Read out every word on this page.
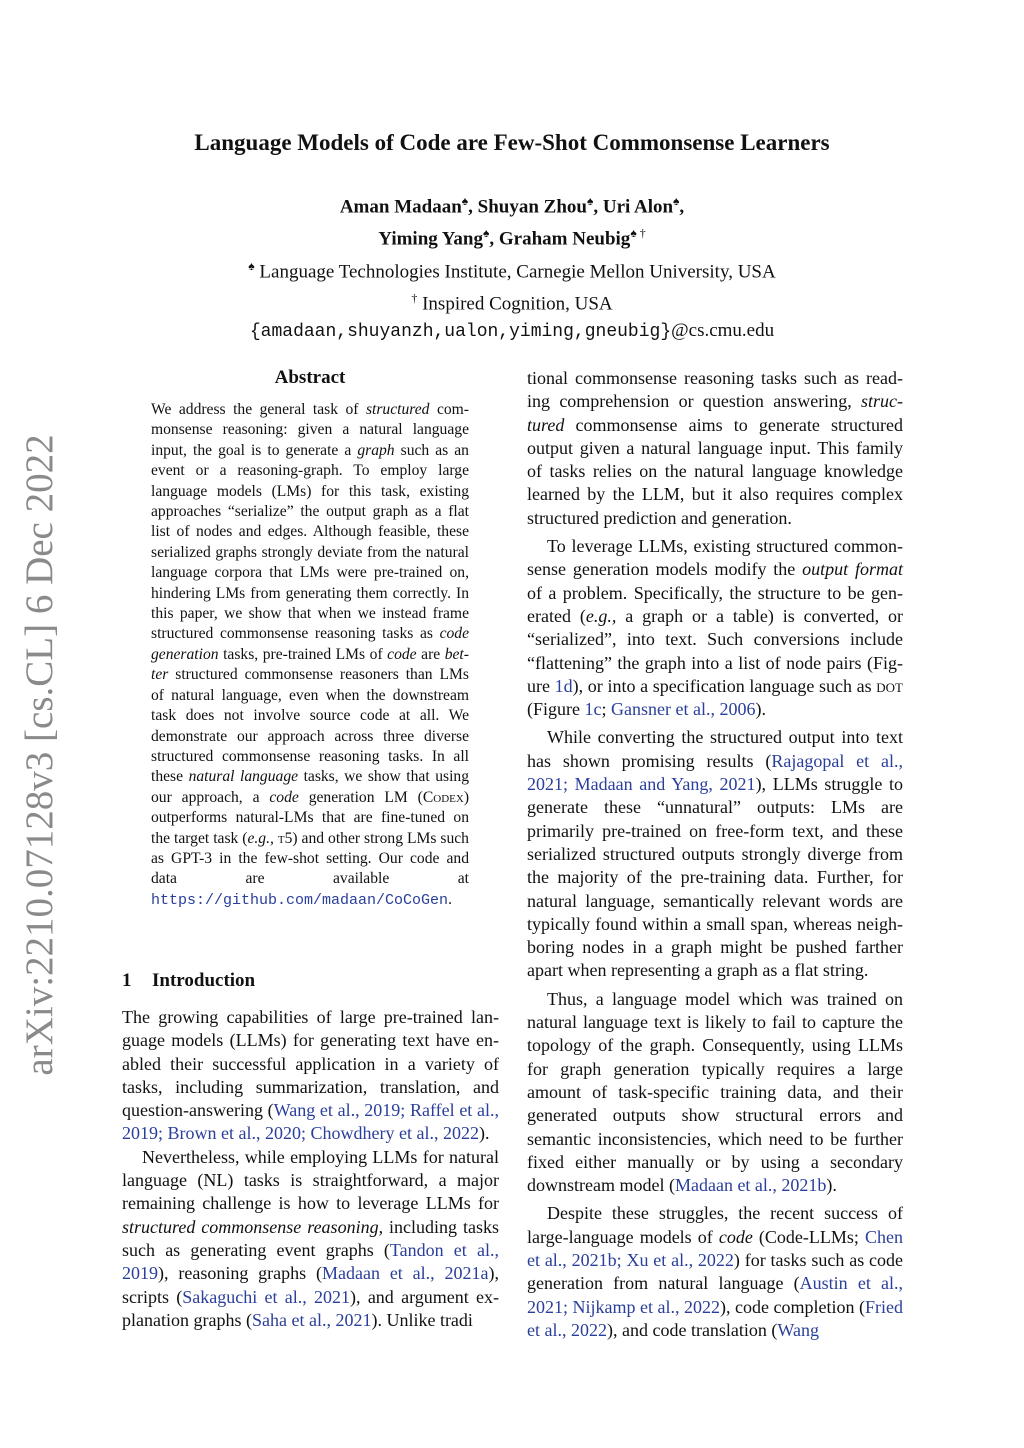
arXiv:2210.07128v3 [cs.CL] 6 Dec 2022
Language Models of Code are Few-Shot Commonsense Learners
Aman Madaan♠, Shuyan Zhou♠, Uri Alon♠,
Yiming Yang♠, Graham Neubig♠ †
♠ Language Technologies Institute, Carnegie Mellon University, USA
† Inspired Cognition, USA
{amadaan,shuyanzh,ualon,yiming,gneubig}@cs.cmu.edu
Abstract

We address the general task of structured commonsense reasoning: given a natural language input, the goal is to generate a graph such as an event or a reasoning-graph. To employ large language models (LMs) for this task, existing approaches “serialize” the output graph as a flat list of nodes and edges. Although feasible, these serialized graphs strongly deviate from the natural language corpora that LMs were pre-trained on, hindering LMs from generating them correctly. In this paper, we show that when we instead frame structured commonsense reasoning tasks as code generation tasks, pre-trained LMs of code are better structured commonsense reasoners than LMs of natural language, even when the downstream task does not involve source code at all. We demonstrate our approach across three diverse structured commonsense reasoning tasks. In all these natural language tasks, we show that using our approach, a code generation LM (Codex) outperforms natural-LMs that are fine-tuned on the target task (e.g., t5) and other strong LMs such as GPT-3 in the few-shot setting. Our code and data are available at https://github.com/madaan/​CoCoGen.

1 Introduction

The growing capabilities of large pre-trained language models (LLMs) for generating text have enabled their successful application in a variety of tasks, including summarization, translation, and question-answering (Wang et al., 2019; Raffel et al., 2019; Brown et al., 2020; Chowdhery et al., 2022).

Nevertheless, while employing LLMs for natural language (NL) tasks is straightforward, a major remaining challenge is how to leverage LLMs for structured commonsense reasoning, including tasks such as generating event graphs (Tandon et al., 2019), reasoning graphs (Madaan et al., 2021a), scripts (Sakaguchi et al., 2021), and argument explanation graphs (Saha et al., 2021). Unlike tradi

tional commonsense reasoning tasks such as reading comprehension or question answering, structured commonsense aims to generate structured output given a natural language input. This family of tasks relies on the natural language knowledge learned by the LLM, but it also requires complex structured prediction and generation.

To leverage LLMs, existing structured commonsense generation models modify the output format of a problem. Specifically, the structure to be generated (e.g., a graph or a table) is converted, or “serialized”, into text. Such conversions include “flattening” the graph into a list of node pairs (Figure 1d), or into a specification language such as dot (Figure 1c; Gansner et al., 2006).

While converting the structured output into text has shown promising results (Rajagopal et al., 2021; Madaan and Yang, 2021), LLMs struggle to generate these “unnatural” outputs: LMs are primarily pre-trained on free-form text, and these serialized structured outputs strongly diverge from the majority of the pre-training data. Further, for natural language, semantically relevant words are typically found within a small span, whereas neighboring nodes in a graph might be pushed farther apart when representing a graph as a flat string.

Thus, a language model which was trained on natural language text is likely to fail to capture the topology of the graph. Consequently, using LLMs for graph generation typically requires a large amount of task-specific training data, and their generated outputs show structural errors and semantic inconsistencies, which need to be further fixed either manually or by using a secondary downstream model (Madaan et al., 2021b).

Despite these struggles, the recent success of large-language models of code (Code-LLMs; Chen et al., 2021b; Xu et al., 2022) for tasks such as code generation from natural language (Austin et al., 2021; Nijkamp et al., 2022), code completion (Fried et al., 2022), and code translation (Wang
